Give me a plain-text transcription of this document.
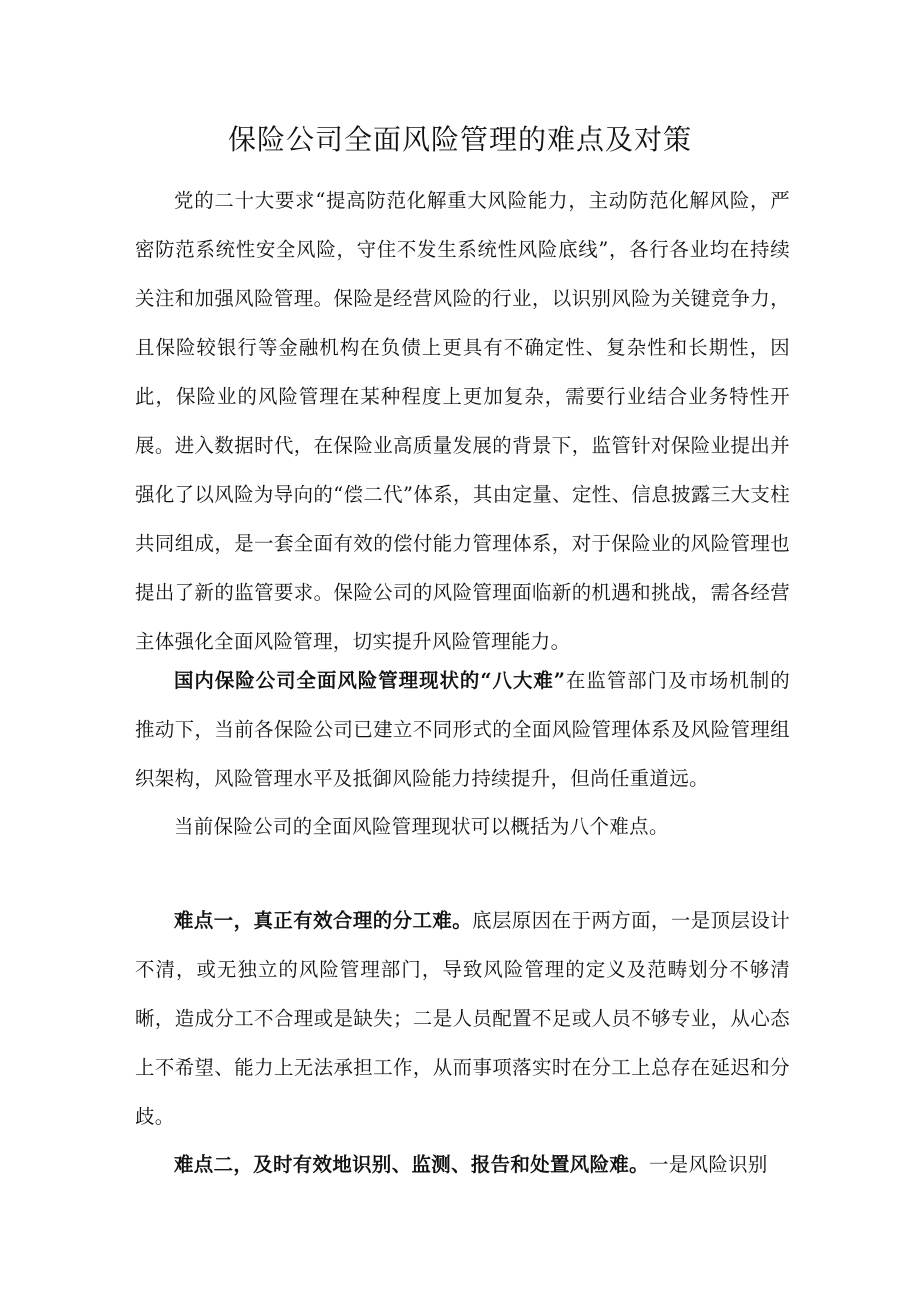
保险公司全面风险管理的难点及对策

党的二十大要求“提高防范化解重大风险能力，主动防范化解风险，严密防范系统性安全风险，守住不发生系统性风险底线”，各行各业均在持续关注和加强风险管理。保险是经营风险的行业，以识别风险为关键竞争力，且保险较银行等金融机构在负债上更具有不确定性、复杂性和长期性，因此，保险业的风险管理在某种程度上更加复杂，需要行业结合业务特性开展。进入数据时代，在保险业高质量发展的背景下，监管针对保险业提出并强化了以风险为导向的“偿二代”体系，其由定量、定性、信息披露三大支柱共同组成，是一套全面有效的偿付能力管理体系，对于保险业的风险管理也提出了新的监管要求。保险公司的风险管理面临新的机遇和挑战，需各经营主体强化全面风险管理，切实提升风险管理能力。

国内保险公司全面风险管理现状的“八大难”在监管部门及市场机制的推动下，当前各保险公司已建立不同形式的全面风险管理体系及风险管理组织架构，风险管理水平及抵御风险能力持续提升，但尚任重道远。

当前保险公司的全面风险管理现状可以概括为八个难点。

难点一，真正有效合理的分工难。底层原因在于两方面，一是顶层设计不清，或无独立的风险管理部门，导致风险管理的定义及范畴划分不够清晰，造成分工不合理或是缺失；二是人员配置不足或人员不够专业，从心态上不希望、能力上无法承担工作，从而事项落实时在分工上总存在延迟和分歧。

难点二，及时有效地识别、监测、报告和处置风险难。一是风险识别
